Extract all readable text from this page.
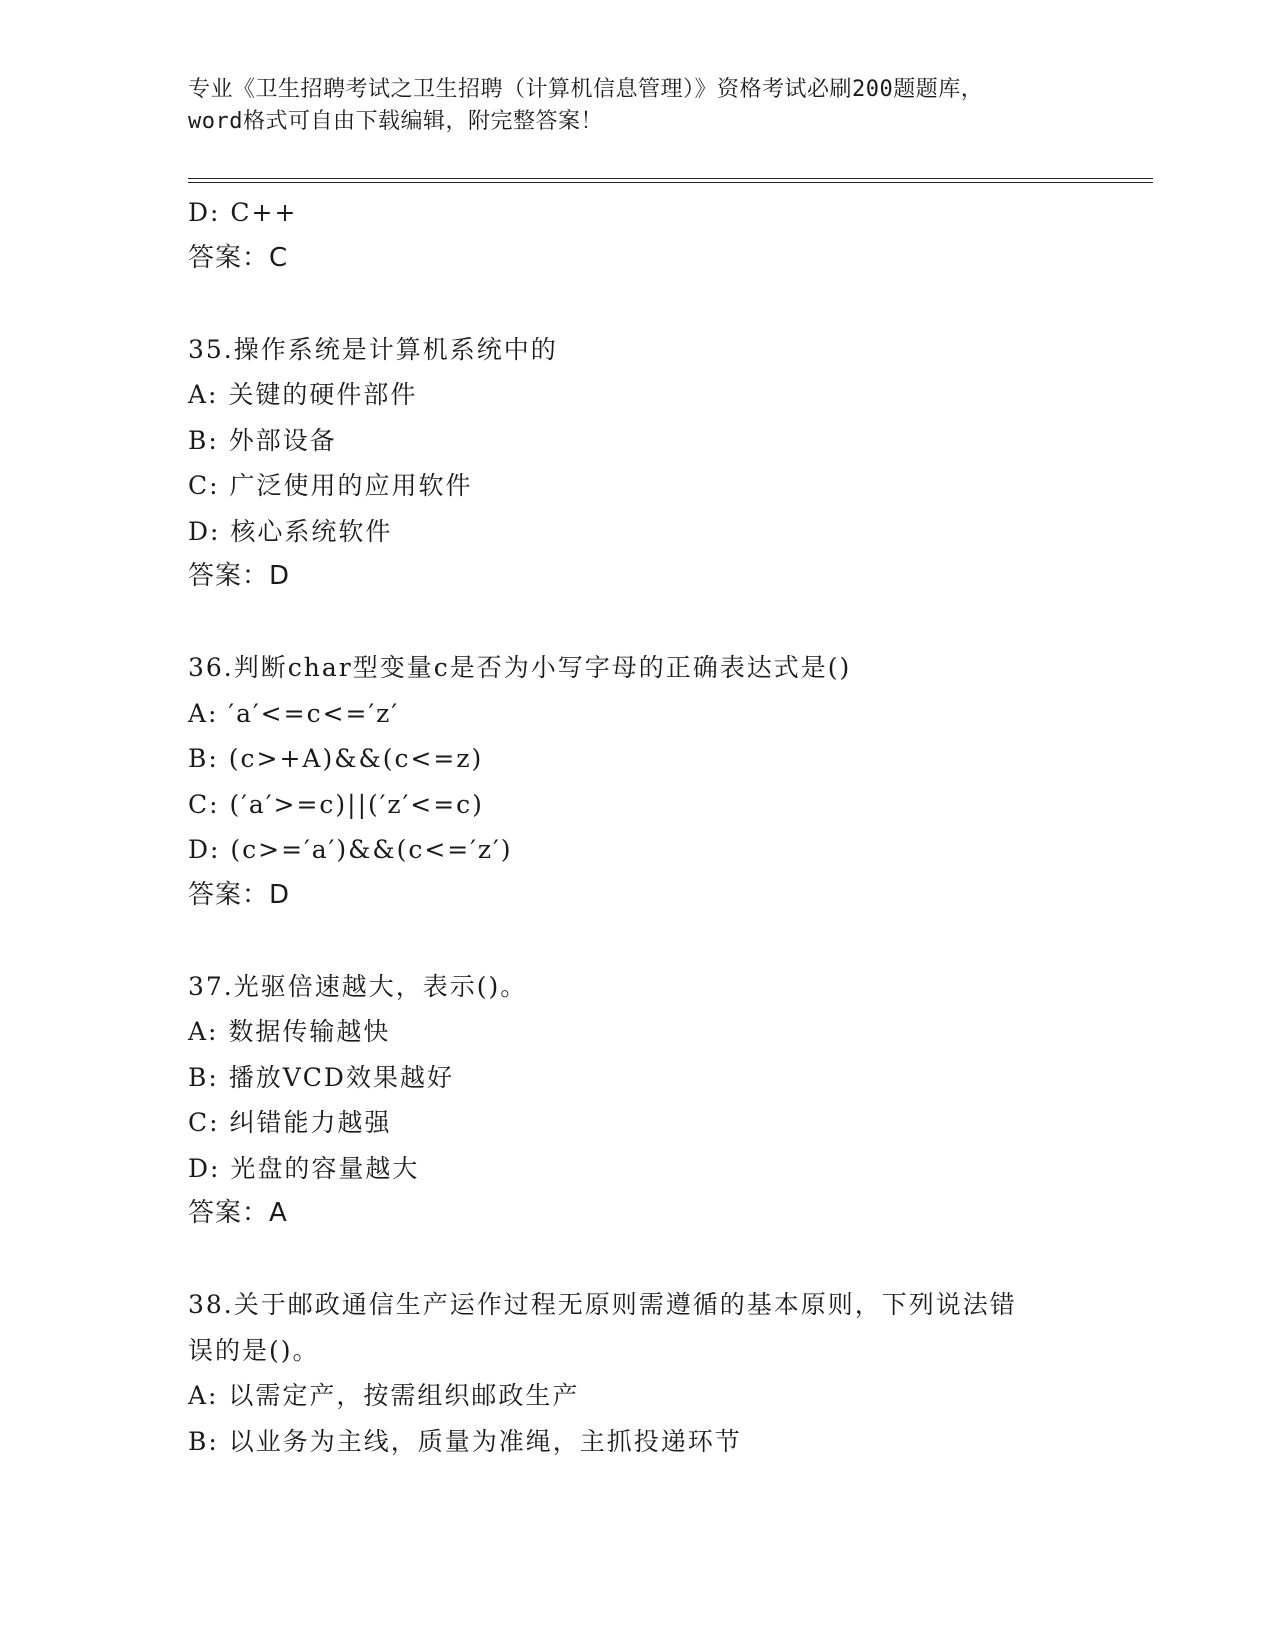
专业《卫生招聘考试之卫生招聘（计算机信息管理）》资格考试必刷200题题库，
word格式可自由下载编辑，附完整答案！
D: C++
答案：C
35.操作系统是计算机系统中的
A: 关键的硬件部件
B: 外部设备
C: 广泛使用的应用软件
D: 核心系统软件
答案：D
36.判断char型变量c是否为小写字母的正确表达式是()
A: ′a′<=c<=′z′
B: (c>+A)&&(c<=z)
C: (′a′>=c)||(′z′<=c)
D: (c>=′a′)&&(c<=′z′)
答案：D
37.光驱倍速越大，表示()。
A: 数据传输越快
B: 播放VCD效果越好
C: 纠错能力越强
D: 光盘的容量越大
答案：A
38.关于邮政通信生产运作过程无原则需遵循的基本原则，下列说法错
误的是()。
A: 以需定产，按需组织邮政生产
B: 以业务为主线，质量为准绳，主抓投递环节
